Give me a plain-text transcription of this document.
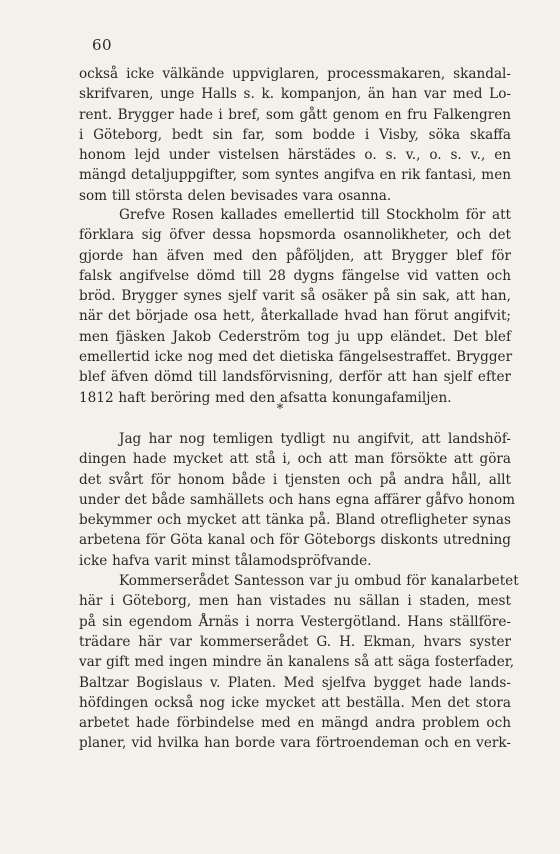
60
också icke välkände uppviglaren, processmakaren, skandal-
skrifvaren, unge Halls s. k. kompanjon, än han var med Lo-
rent. Brygger hade i bref, som gått genom en fru Falkengren
i Göteborg, bedt sin far, som bodde i Visby, söka skaffa
honom lejd under vistelsen härstädes o. s. v., o. s. v., en
mängd detaljuppgifter, som syntes angifva en rik fantasi, men
som till största delen bevisades vara osanna.
Grefve Rosen kallades emellertid till Stockholm för att
förklara sig öfver dessa hopsmorda osannolikheter, och det
gjorde han äfven med den påföljden, att Brygger blef för
falsk angifvelse dömd till 28 dygns fängelse vid vatten och
bröd. Brygger synes sjelf varit så osäker på sin sak, att han,
när det började osa hett, återkallade hvad han förut angifvit;
men fjäsken Jakob Cederström tog ju upp eländet. Det blef
emellertid icke nog med det dietiska fängelsestraffet. Brygger
blef äfven dömd till landsförvisning, derför att han sjelf efter
1812 haft beröring med den afsatta konungafamiljen.
*
Jag har nog temligen tydligt nu angifvit, att landshöf-
dingen hade mycket att stå i, och att man försökte att göra
det svårt för honom både i tjensten och på andra håll, allt
under det både samhällets och hans egna affärer gåfvo honom
bekymmer och mycket att tänka på. Bland otrefligheter synas
arbetena för Göta kanal och för Göteborgs diskonts utredning
icke hafva varit minst tålamodspröfvande.
Kommerserådet Santesson var ju ombud för kanalarbetet
här i Göteborg, men han vistades nu sällan i staden, mest
på sin egendom Årnäs i norra Vestergötland. Hans ställföre-
trädare här var kommerserådet G. H. Ekman, hvars syster
var gift med ingen mindre än kanalens så att säga fosterfader,
Baltzar Bogislaus v. Platen. Med sjelfva bygget hade lands-
höfdingen också nog icke mycket att beställa. Men det stora
arbetet hade förbindelse med en mängd andra problem och
planer, vid hvilka han borde vara förtroendeman och en verk-
